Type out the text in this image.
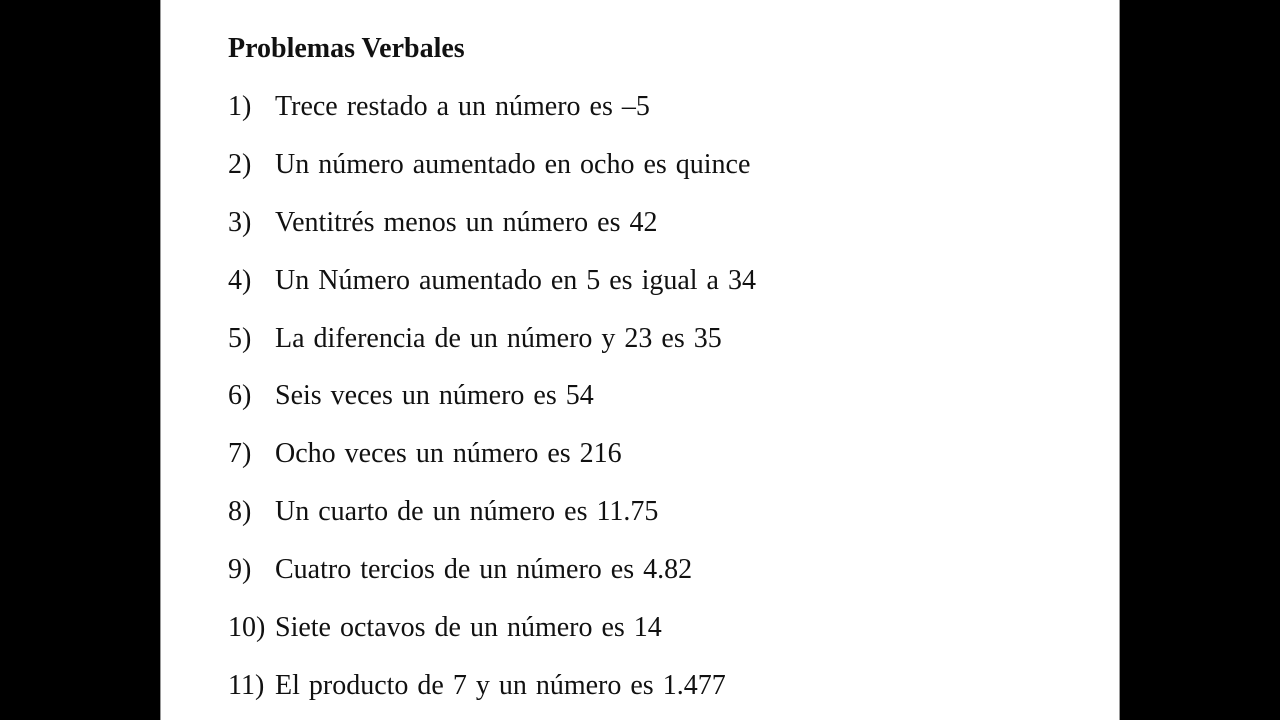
Problemas Verbales
1) Trece restado a un número es –5
2) Un número aumentado en ocho es quince
3) Ventitrés menos un número es 42
4) Un Número aumentado en 5 es igual a 34
5) La diferencia de un número y 23 es 35
6) Seis veces un número es 54
7) Ocho veces un número es 216
8) Un cuarto de un número es 11.75
9) Cuatro tercios de un número es 4.82
10) Siete octavos de un número es 14
11) El producto de 7 y un número es 1.477
